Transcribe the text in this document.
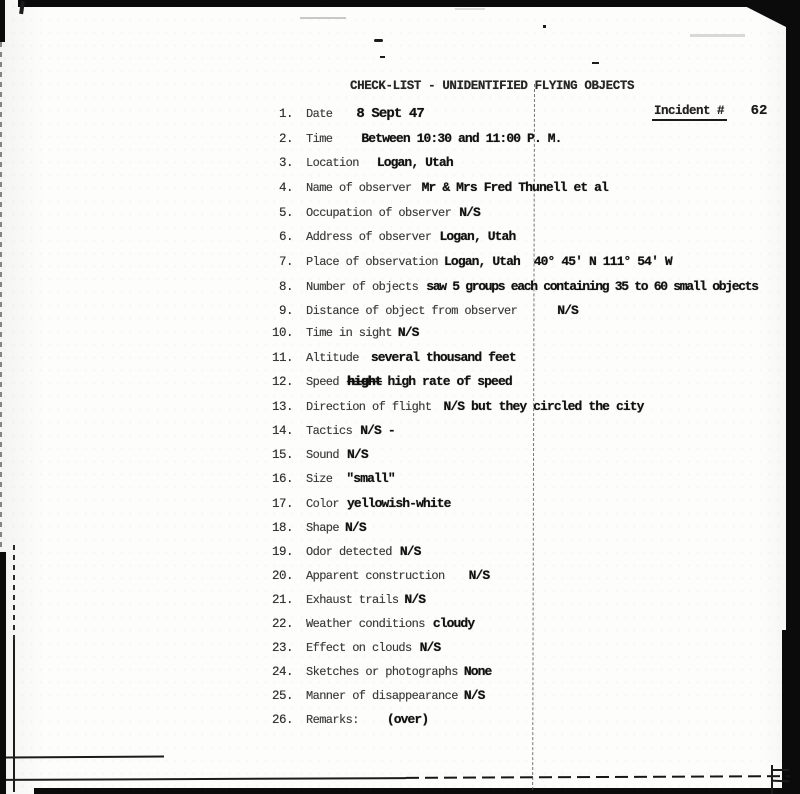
CHECK-LIST - UNIDENTIFIED FLYING OBJECTS
Incident # 62
1. Date 8 Sept 47
2. Time Between 10:30 and 11:00 P. M.
3. Location Logan, Utah
4. Name of observer Mr & Mrs Fred Thunell et al
5. Occupation of observer N/S
6. Address of observer Logan, Utah
7. Place of observation Logan, Utah  40° 45' N 111° 54' W
8. Number of objects saw 5 groups each containing 35 to 60 small objects
9. Distance of object from observer	N/S
10. Time in sight N/S
11. Altitude several thousand feet
12. Speed hight high rate of speed
13. Direction of flight N/S but they circled the city
14. Tactics N/S -
15. Sound N/S
16. Size "small"
17. Color yellowish-white
18. Shape N/S
19. Odor detected N/S
20. Apparent construction N/S
21. Exhaust trails N/S
22. Weather conditions cloudy
23. Effect on clouds N/S
24. Sketches or photographs None
25. Manner of disappearance N/S
26. Remarks: (over)
